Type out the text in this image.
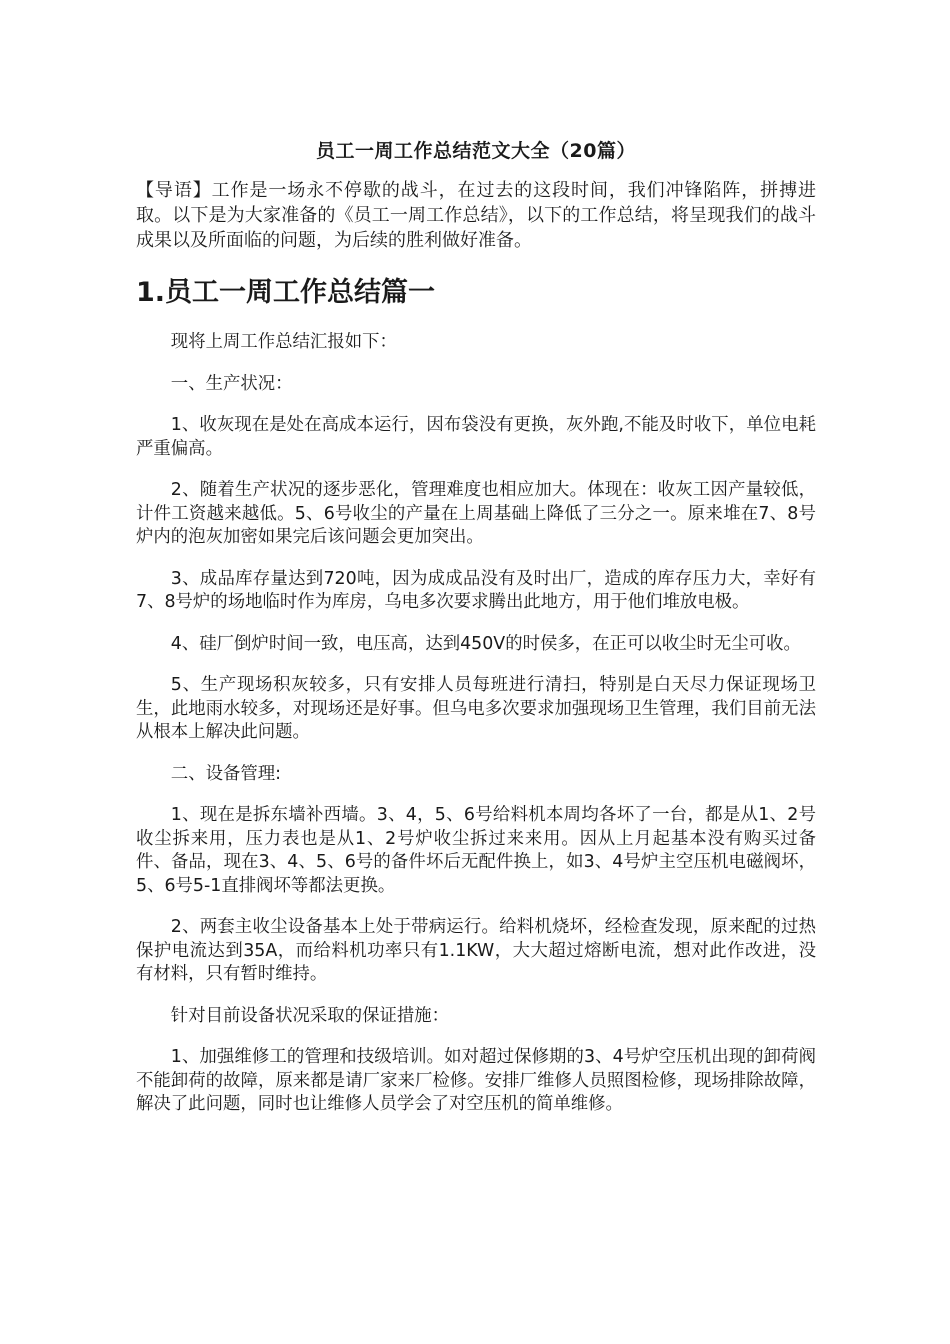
员工一周工作总结范文大全（20篇）
【导语】工作是一场永不停歇的战斗，在过去的这段时间，我们冲锋陷阵，拼搏进取。以下是为大家准备的《员工一周工作总结》，以下的工作总结，将呈现我们的战斗成果以及所面临的问题，为后续的胜利做好准备。
1.员工一周工作总结篇一

现将上周工作总结汇报如下：

一、生产状况：

1、收灰现在是处在高成本运行，因布袋没有更换，灰外跑,不能及时收下，单位电耗严重偏高。

2、随着生产状况的逐步恶化，管理难度也相应加大。体现在：收灰工因产量较低，计件工资越来越低。5、6号收尘的产量在上周基础上降低了三分之一。原来堆在7、8号炉内的泡灰加密如果完后该问题会更加突出。

3、成品库存量达到720吨，因为成成品没有及时出厂，造成的库存压力大，幸好有7、8号炉的场地临时作为库房，乌电多次要求腾出此地方，用于他们堆放电极。

4、硅厂倒炉时间一致，电压高，达到450V的时侯多，在正可以收尘时无尘可收。

5、生产现场积灰较多，只有安排人员每班进行清扫，特别是白天尽力保证现场卫生，此地雨水较多，对现场还是好事。但乌电多次要求加强现场卫生管理，我们目前无法从根本上解决此问题。

二、设备管理:

1、现在是拆东墙补西墙。3、4，5、6号给料机本周均各坏了一台，都是从1、2号收尘拆来用，压力表也是从1、2号炉收尘拆过来来用。因从上月起基本没有购买过备件、备品，现在3、4、5、6号的备件坏后无配件换上，如3、4号炉主空压机电磁阀坏，5、6号5-1直排阀坏等都法更换。

2、两套主收尘设备基本上处于带病运行。给料机烧坏，经检查发现，原来配的过热保护电流达到35A，而给料机功率只有1.1KW，大大超过熔断电流，想对此作改进，没有材料，只有暂时维持。

针对目前设备状况采取的保证措施：

1、加强维修工的管理和技级培训。如对超过保修期的3、4号炉空压机出现的卸荷阀不能卸荷的故障，原来都是请厂家来厂检修。安排厂维修人员照图检修，现场排除故障，解决了此问题，同时也让维修人员学会了对空压机的简单维修。
